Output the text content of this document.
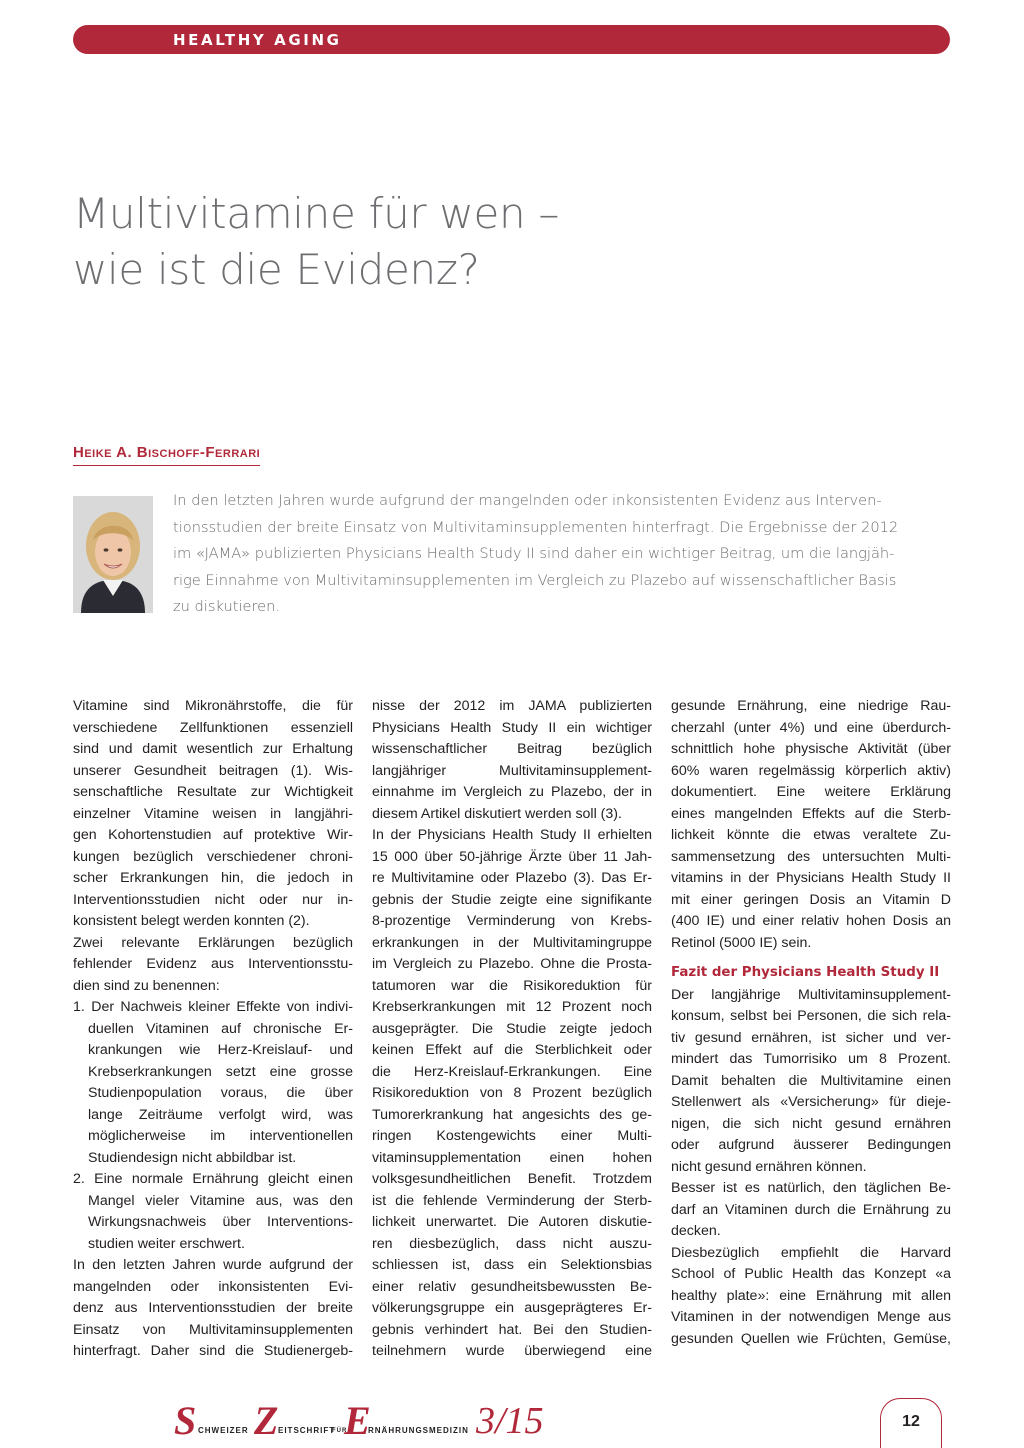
HEALTHY AGING
Multivitamine für wen –
wie ist die Evidenz?
Heike A. Bischoff-Ferrari

In den letzten Jahren wurde aufgrund der mangelnden oder inkonsistenten Evidenz aus Interven-
tionsstudien der breite Einsatz von Multivitaminsupplementen hinterfragt. Die Ergebnisse der 2012
im «JAMA» publizierten Physicians Health Study II sind daher ein wichtiger Beitrag, um die langjäh-
rige Einnahme von Multivitaminsupplementen im Vergleich zu Plazebo auf wissenschaftlicher Basis
zu diskutieren.

Vitamine sind Mikronährstoffe, die für
verschiedene Zellfunktionen essenziell
sind und damit wesentlich zur Erhaltung
unserer Gesundheit beitragen (1). Wis-
senschaftliche Resultate zur Wichtigkeit
einzelner Vitamine weisen in langjähri-
gen Kohortenstudien auf protektive Wir-
kungen bezüglich verschiedener chroni-
scher Erkrankungen hin, die jedoch in
Interventionsstudien nicht oder nur in-
konsistent belegt werden konnten (2).
Zwei relevante Erklärungen bezüglich
fehlender Evidenz aus Interventionsstu-
dien sind zu benennen:
1. Der Nachweis kleiner Effekte von indivi-
duellen Vitaminen auf chronische Er-
krankungen wie Herz-Kreislauf- und
Krebserkrankungen setzt eine grosse
Studienpopulation voraus, die über
lange Zeiträume verfolgt wird, was
möglicherweise im interventionellen
Studiendesign nicht abbildbar ist.
2. Eine normale Ernährung gleicht einen
Mangel vieler Vitamine aus, was den
Wirkungsnachweis über Interventions-
studien weiter erschwert.
In den letzten Jahren wurde aufgrund der
mangelnden oder inkonsistenten Evi-
denz aus Interventionsstudien der breite
Einsatz von Multivitaminsupplementen
hinterfragt. Daher sind die Studienergeb-
nisse der 2012 im JAMA publizierten
Physicians Health Study II ein wichtiger
wissenschaftlicher Beitrag bezüglich
langjähriger Multivitaminsupplement-
einnahme im Vergleich zu Plazebo, der in
diesem Artikel diskutiert werden soll (3).
In der Physicians Health Study II erhielten
15 000 über 50-jährige Ärzte über 11 Jah-
re Multivitamine oder Plazebo (3). Das Er-
gebnis der Studie zeigte eine signifikante
8-prozentige Verminderung von Krebs-
erkrankungen in der Multivitamingruppe
im Vergleich zu Plazebo. Ohne die Prosta-
tatumoren war die Risikoreduktion für
Krebserkrankungen mit 12 Prozent noch
ausgeprägter. Die Studie zeigte jedoch
keinen Effekt auf die Sterblichkeit oder
die Herz-Kreislauf-Erkrankungen. Eine
Risikoreduktion von 8 Prozent bezüglich
Tumorerkrankung hat angesichts des ge-
ringen Kostengewichts einer Multi-
vitaminsupplementation einen hohen
volksgesundheitlichen Benefit. Trotzdem
ist die fehlende Verminderung der Sterb-
lichkeit unerwartet. Die Autoren diskutie-
ren diesbezüglich, dass nicht auszu-
schliessen ist, dass ein Selektionsbias
einer relativ gesundheitsbewussten Be-
völkerungsgruppe ein ausgeprägteres Er-
gebnis verhindert hat. Bei den Studien-
teilnehmern wurde überwiegend eine
gesunde Ernährung, eine niedrige Rau-
cherzahl (unter 4%) und eine überdurch-
schnittlich hohe physische Aktivität (über
60% waren regelmässig körperlich aktiv)
dokumentiert. Eine weitere Erklärung
eines mangelnden Effekts auf die Sterb-
lichkeit könnte die etwas veraltete Zu-
sammensetzung des untersuchten Multi-
vitamins in der Physicians Health Study II
mit einer geringen Dosis an Vitamin D
(400 IE) und einer relativ hohen Dosis an
Retinol (5000 IE) sein.
Fazit der Physicians Health Study II
Der langjährige Multivitaminsupplement-
konsum, selbst bei Personen, die sich rela-
tiv gesund ernähren, ist sicher und ver-
mindert das Tumorrisiko um 8 Prozent.
Damit behalten die Multivitamine einen
Stellenwert als «Versicherung» für dieje-
nigen, die sich nicht gesund ernähren
oder aufgrund äusserer Bedingungen
nicht gesund ernähren können.
Besser ist es natürlich, den täglichen Be-
darf an Vitaminen durch die Ernährung zu
decken.
Diesbezüglich empfiehlt die Harvard
School of Public Health das Konzept «a
healthy plate»: eine Ernährung mit allen
Vitaminen in der notwendigen Menge aus
gesunden Quellen wie Früchten, Gemüse,
S CHWEIZER Z EITSCHRIFT
FÜR
E
RNÄHRUNGSMEDIZIN 3/15	12
